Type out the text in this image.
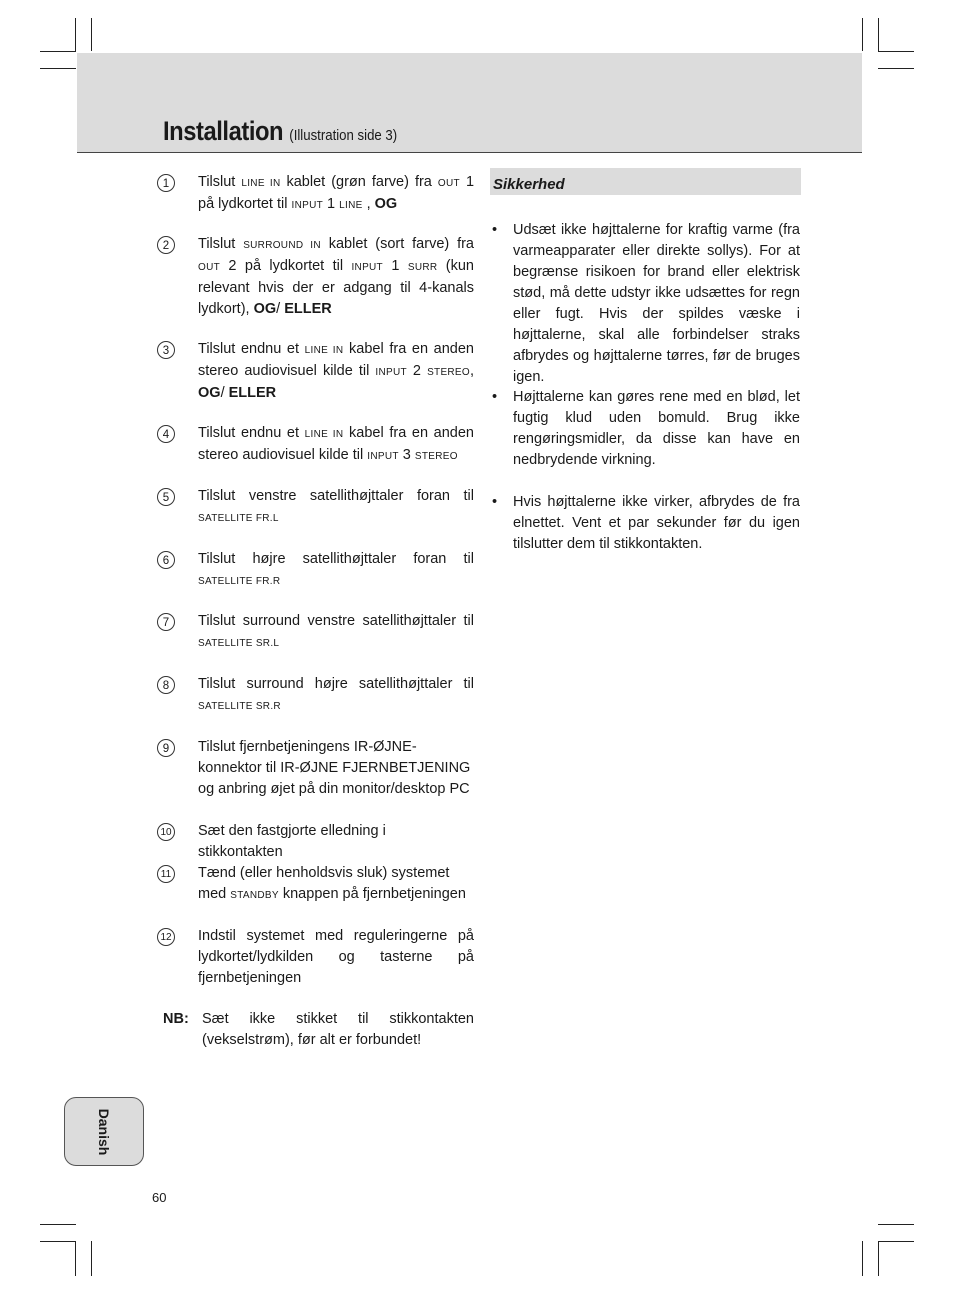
Installation (Illustration side 3)
1	Tilslut LINE IN kablet (grøn farve) fra OUT 1 på lydkortet til INPUT 1 LINE , OG
2	Tilslut SURROUND IN kablet (sort farve) fra OUT 2 på lydkortet til INPUT 1 SURR (kun relevant hvis der er adgang til 4-kanals lydkort), OG/ ELLER
3	Tilslut endnu et LINE IN kabel fra en anden stereo audiovisuel kilde til INPUT 2 STEREO, OG/ ELLER
4	Tilslut endnu et LINE IN kabel fra en anden stereo audiovisuel kilde til INPUT 3 STEREO
5	Tilslut venstre satellithøjttaler foran til SATELLITE FR.L
6	Tilslut højre satellithøjttaler foran til SATELLITE FR.R
7	Tilslut surround venstre satellithøjttaler til SATELLITE SR.L
8	Tilslut surround højre satellithøjttaler til SATELLITE SR.R
9	Tilslut fjernbetjeningens IR-ØJNE-konnektor til IR-ØJNE FJERNBETJENING og anbring øjet på din monitor/desktop PC
10 Sæt den fastgjorte elledning i stikkontakten
11 Tænd (eller henholdsvis sluk) systemet med STANDBY knappen på fjernbetjeningen
12 Indstil systemet med reguleringerne på lydkortet/lydkilden og tasterne på fjernbetjeningen
NB: Sæt ikke stikket til stikkontakten (vekselstrøm), før alt er forbundet!
Sikkerhed
• Udsæt ikke højttalerne for kraftig varme (fra varmeapparater eller direkte sollys). For at begrænse risikoen for brand eller elektrisk stød, må dette udstyr ikke udsættes for regn eller fugt. Hvis der spildes væske i højttalerne, skal alle forbindelser straks afbrydes og højttalerne tørres, før de bruges igen.
• Højttalerne kan gøres rene med en blød, let fugtig klud uden bomuld. Brug ikke rengøringsmidler, da disse kan have en nedbrydende virkning.
• Hvis højttalerne ikke virker, afbrydes de fra elnettet. Vent et par sekunder før du igen tilslutter dem til stikkontakten.
Danish
60
